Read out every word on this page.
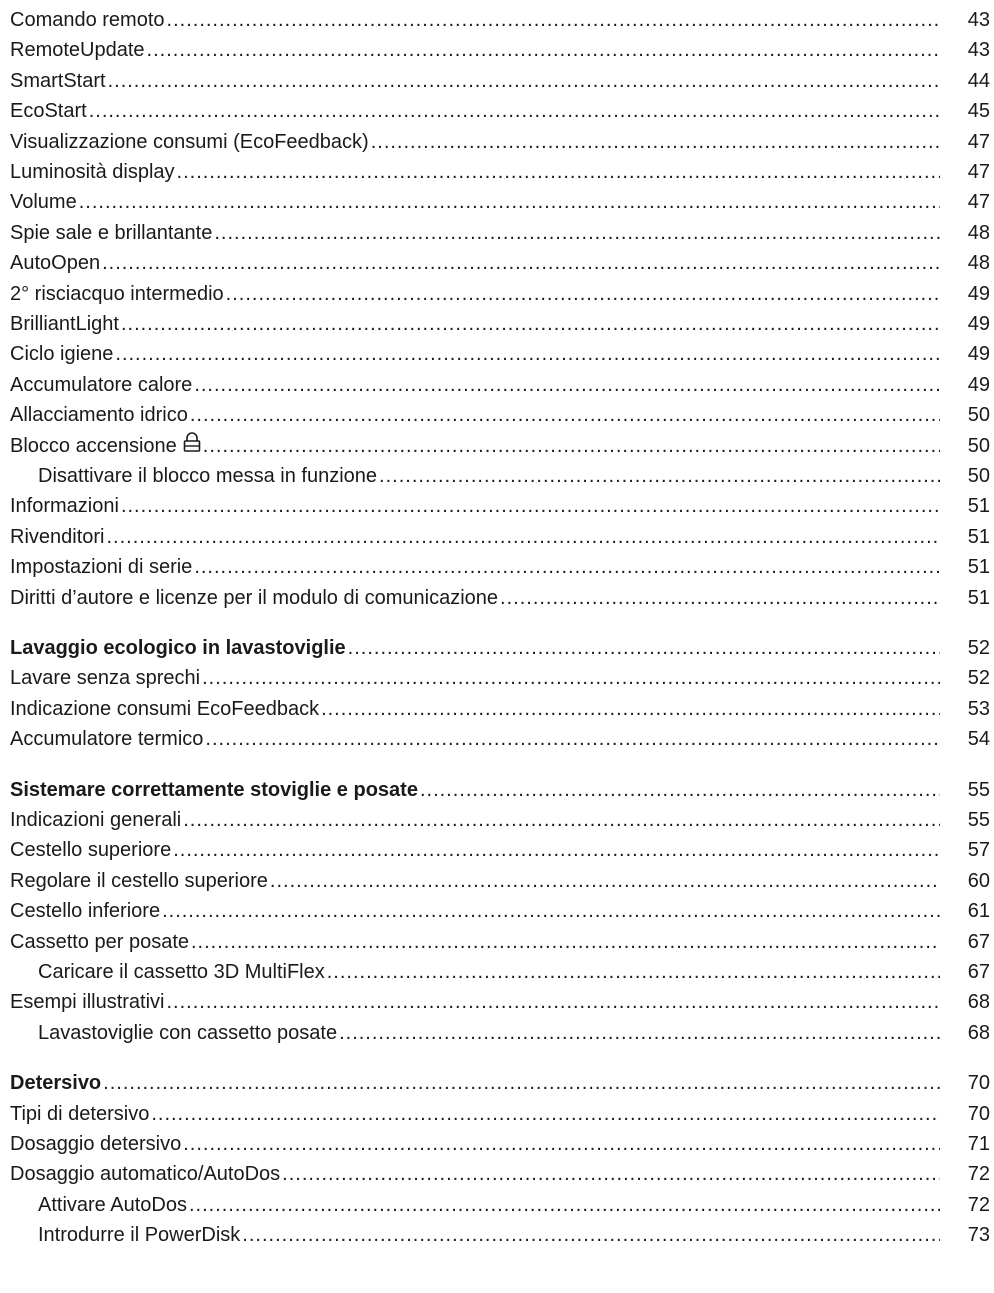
Comando remoto .....	43
RemoteUpdate .....	43
SmartStart .....	44
EcoStart .....	45
Visualizzazione consumi (EcoFeedback) .....	47
Luminosità display .....	47
Volume .....	47
Spie sale e brillantante .....	48
AutoOpen .....	48
2° risciacquo intermedio .....	49
BrilliantLight .....	49
Ciclo igiene .....	49
Accumulatore calore .....	49
Allacciamento idrico .....	50
Blocco accensione .....	50
Disattivare il blocco messa in funzione .....	50
Informazioni .....	51
Rivenditori .....	51
Impostazioni di serie .....	51
Diritti d’autore e licenze per il modulo di comunicazione .....	51
Lavaggio ecologico in lavastoviglie .....	52
Lavare senza sprechi .....	52
Indicazione consumi EcoFeedback .....	53
Accumulatore termico .....	54
Sistemare correttamente stoviglie e posate .....	55
Indicazioni generali .....	55
Cestello superiore .....	57
Regolare il cestello superiore .....	60
Cestello inferiore .....	61
Cassetto per posate .....	67
Caricare il cassetto 3D MultiFlex .....	67
Esempi illustrativi .....	68
Lavastoviglie con cassetto posate .....	68
Detersivo .....	70
Tipi di detersivo .....	70
Dosaggio detersivo .....	71
Dosaggio automatico/AutoDos .....	72
Attivare AutoDos .....	72
Introdurre il PowerDisk .....	73
